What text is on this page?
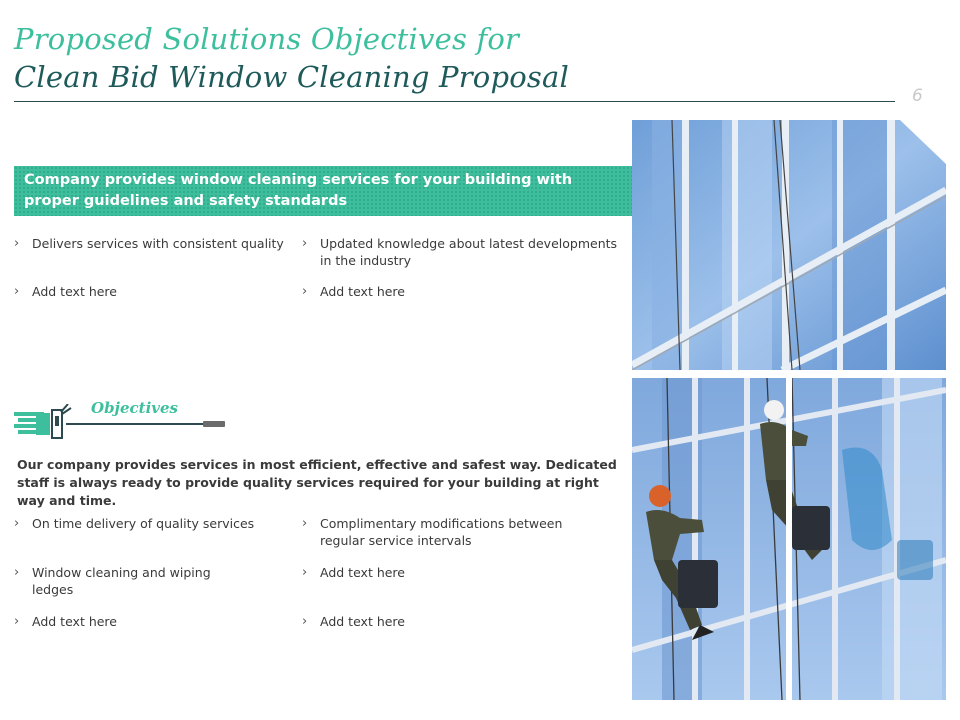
Proposed Solutions Objectives for
Clean Bid Window Cleaning Proposal
6
Company provides window cleaning services for your building with proper guidelines and safety standards
› Delivers services with consistent quality › Updated knowledge about latest developments in the industry
› Add text here	› Add text here
Objectives
Our company provides services in most efficient, effective and safest way. Dedicated staff is always ready to provide quality services required for your building at right way and time.
› On time delivery of quality services	› Complimentary modifications between regular service intervals
› Window cleaning and wiping ledges
› Add text here
› Add text here	› Add text here
